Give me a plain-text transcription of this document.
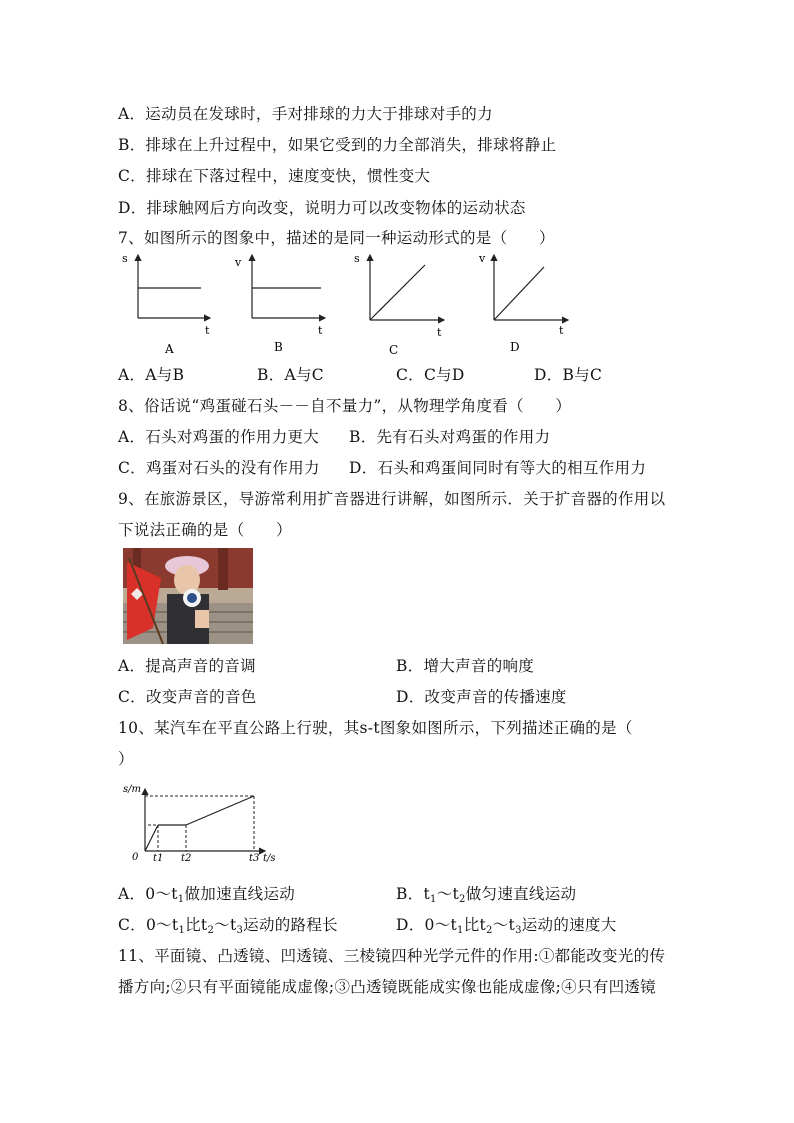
A．运动员在发球时，手对排球的力大于排球对手的力
B．排球在上升过程中，如果它受到的力全部消失，排球将静止
C．排球在下落过程中，速度变快，惯性变大
D．排球触网后方向改变，说明力可以改变物体的运动状态
7、如图所示的图象中，描述的是同一种运动形式的是（　　）
s
t
A
v
t
B
s
t
C
v
t
D
A．A与B	B．A与C	C．C与D	D．B与C
8、俗话说“鸡蛋碰石头－－自不量力”，从物理学角度看（　　）
A．石头对鸡蛋的作用力更大 B．先有石头对鸡蛋的作用力
C．鸡蛋对石头的没有作用力 D．石头和鸡蛋间同时有等大的相互作用力
9、在旅游景区，导游常利用扩音器进行讲解，如图所示．关于扩音器的作用以
下说法正确的是（　　）
A．提高声音的音调	B．增大声音的响度
C．改变声音的音色	D．改变声音的传播速度
10、某汽车在平直公路上行驶，其s-t图象如图所示，下列描述正确的是（
）
s/m
0 t1 t2	t3 t/s
A．$0\sim t_1$做加速直线运动	B．$t_1\sim t_2$做匀速直线运动
C．$0\sim t_1$比$t_2\sim t_3$运动的路程长	D．$0\sim t_1$比$t_2\sim t_3$运动的速度大
11、平面镜、凸透镜、凹透镜、三棱镜四种光学元件的作用:①都能改变光的传
播方向;②只有平面镜能成虚像;③凸透镜既能成实像也能成虚像;④只有凹透镜
